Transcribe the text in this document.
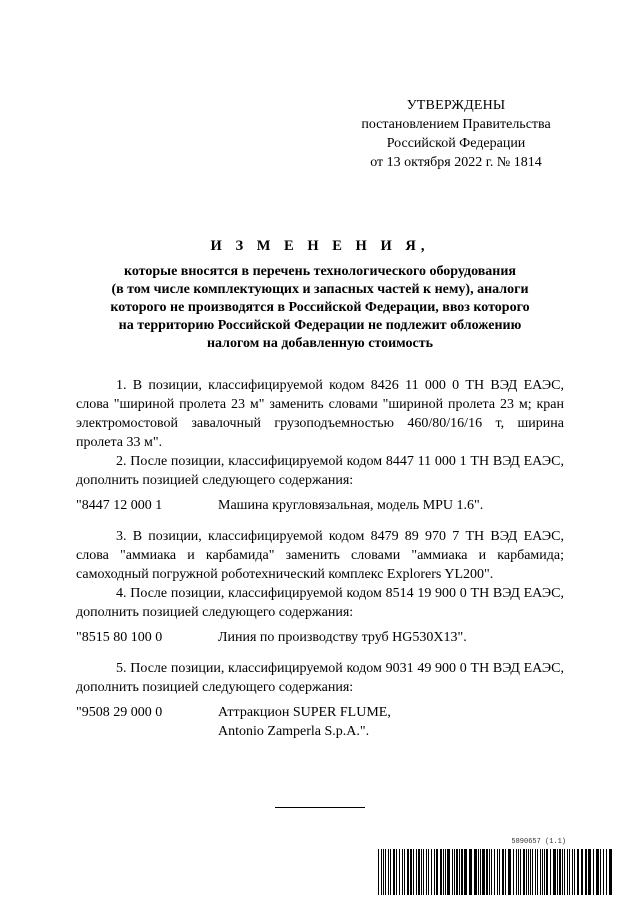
УТВЕРЖДЕНЫ
постановлением Правительства
Российской Федерации
от 13 октября 2022 г. № 1814
И З М Е Н Е Н И Я,
которые вносятся в перечень технологического оборудования
(в том числе комплектующих и запасных частей к нему), аналоги
которого не производятся в Российской Федерации, ввоз которого
на территорию Российской Федерации не подлежит обложению
налогом на добавленную стоимость

1. В позиции, классифицируемой кодом 8426 11 000 0 ТН ВЭД ЕАЭС, слова "шириной пролета 23 м" заменить словами "шириной пролета 23 м; кран электромостовой завалочный грузоподъемностью 460/80/16/16 т, ширина пролета 33 м".

2. После позиции, классифицируемой кодом 8447 11 000 1 ТН ВЭД ЕАЭС, дополнить позицией следующего содержания:

"8447 12 000 1	Машина кругловязальная, модель MPU 1.6".

3. В позиции, классифицируемой кодом 8479 89 970 7 ТН ВЭД ЕАЭС, слова "аммиака и карбамида" заменить словами "аммиака и карбамида; самоходный погружной роботехнический комплекс Explorers YL200".

4. После позиции, классифицируемой кодом 8514 19 900 0 ТН ВЭД ЕАЭС, дополнить позицией следующего содержания:

"8515 80 100 0	Линия по производству труб HG530X13".

5. После позиции, классифицируемой кодом 9031 49 900 0 ТН ВЭД ЕАЭС, дополнить позицией следующего содержания:

"9508 29 000 0	Аттракцион SUPER FLUME,
Antonio Zamperla S.p.A.".
5890657 (1.1)
